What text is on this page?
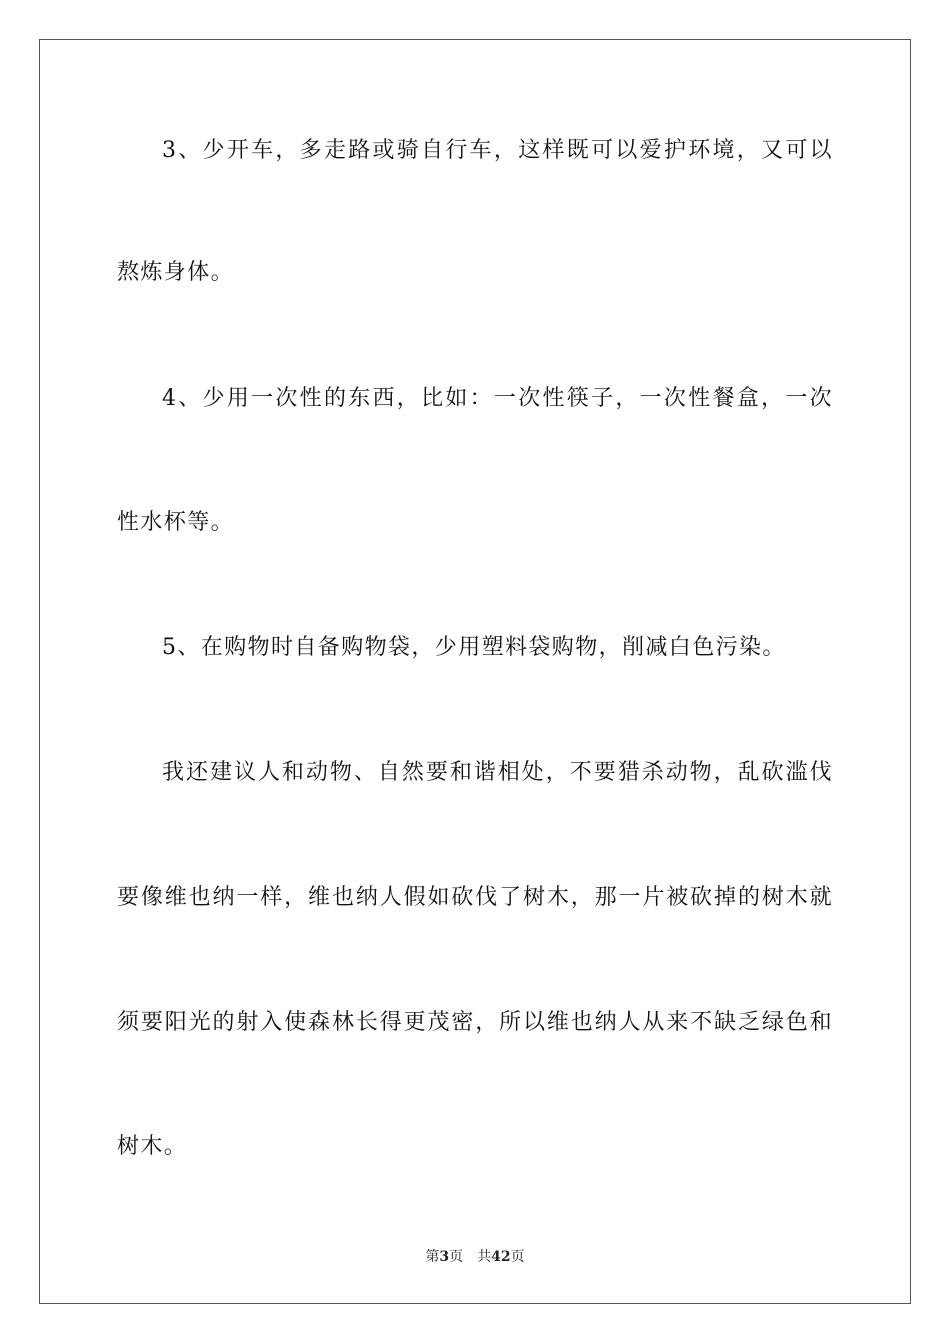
3、少开车，多走路或骑自行车，这样既可以爱护环境，又可以
熬炼身体。
4、少用一次性的东西，比如：一次性筷子，一次性餐盒，一次
性水杯等。
5、在购物时自备购物袋，少用塑料袋购物，削减白色污染。
我还建议人和动物、自然要和谐相处，不要猎杀动物，乱砍滥伐
要像维也纳一样，维也纳人假如砍伐了树木，那一片被砍掉的树木就
须要阳光的射入使森林长得更茂密，所以维也纳人从来不缺乏绿色和
树木。
第3页 共42页
